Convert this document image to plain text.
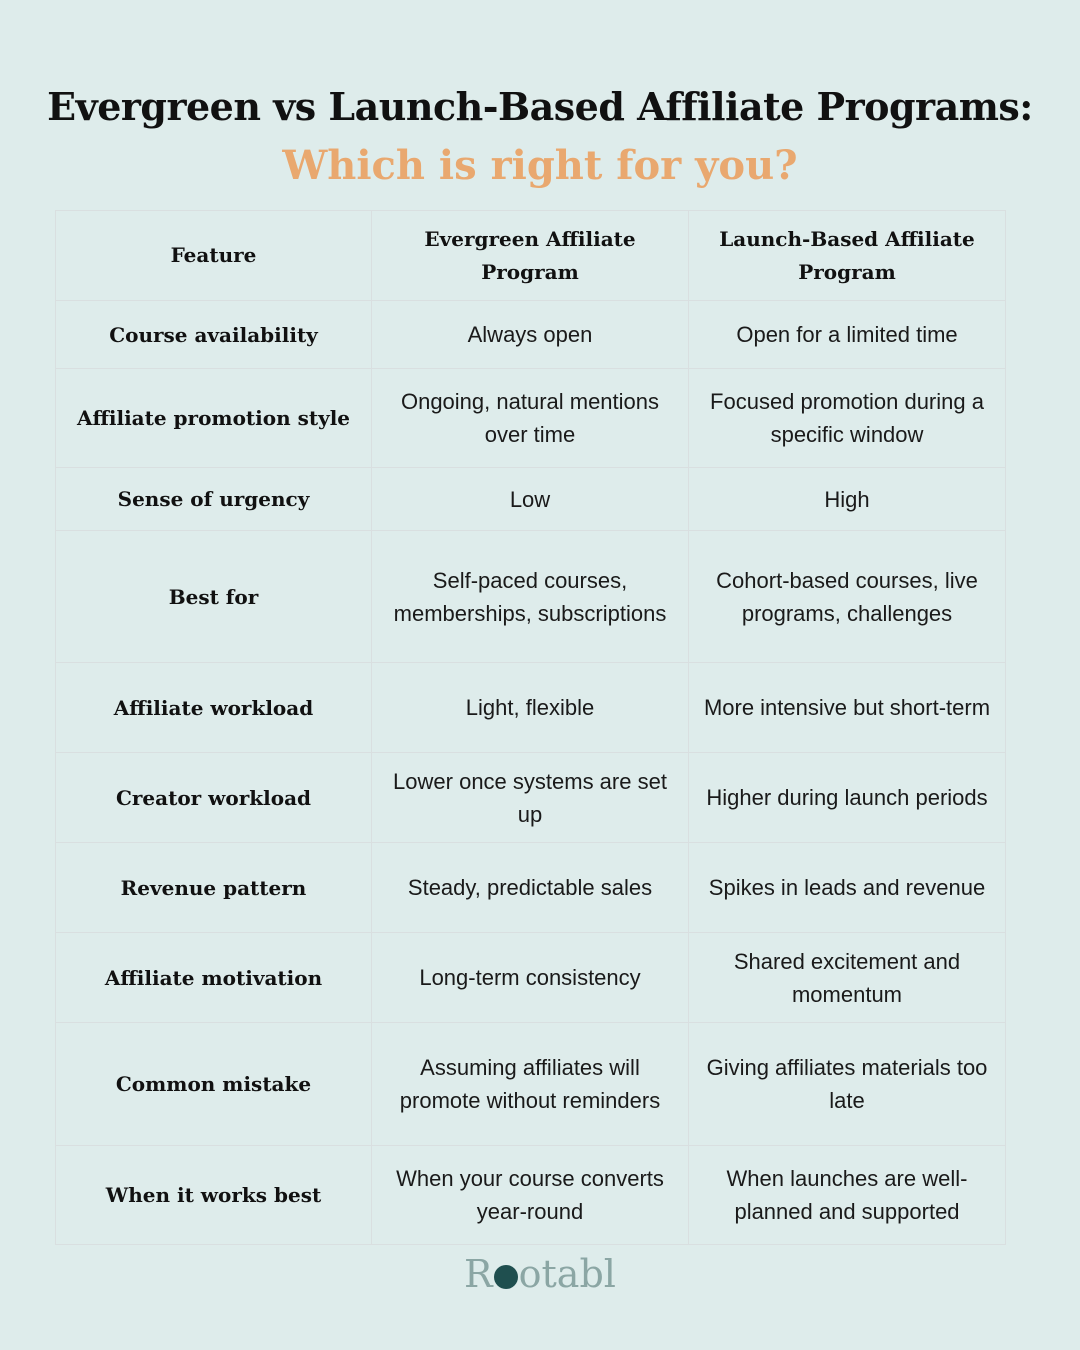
Evergreen vs Launch-Based Affiliate Programs:
Which is right for you?
Feature	Evergreen Affiliate Program	Launch-Based Affiliate Program
Course availability	Always open	Open for a limited time
Affiliate promotion style	Ongoing, natural mentions over time	Focused promotion during a specific window
Sense of urgency	Low	High
Best for	Self-paced courses, memberships, subscriptions	Cohort-based courses, live programs, challenges
Affiliate workload	Light, flexible	More intensive but short-term
Creator workload	Lower once systems are set up	Higher during launch periods
Revenue pattern	Steady, predictable sales	Spikes in leads and revenue
Affiliate motivation	Long-term consistency	Shared excitement and momentum
Common mistake	Assuming affiliates will promote without reminders	Giving affiliates materials too late
When it works best	When your course converts year-round	When launches are well-planned and supported
R otabl
